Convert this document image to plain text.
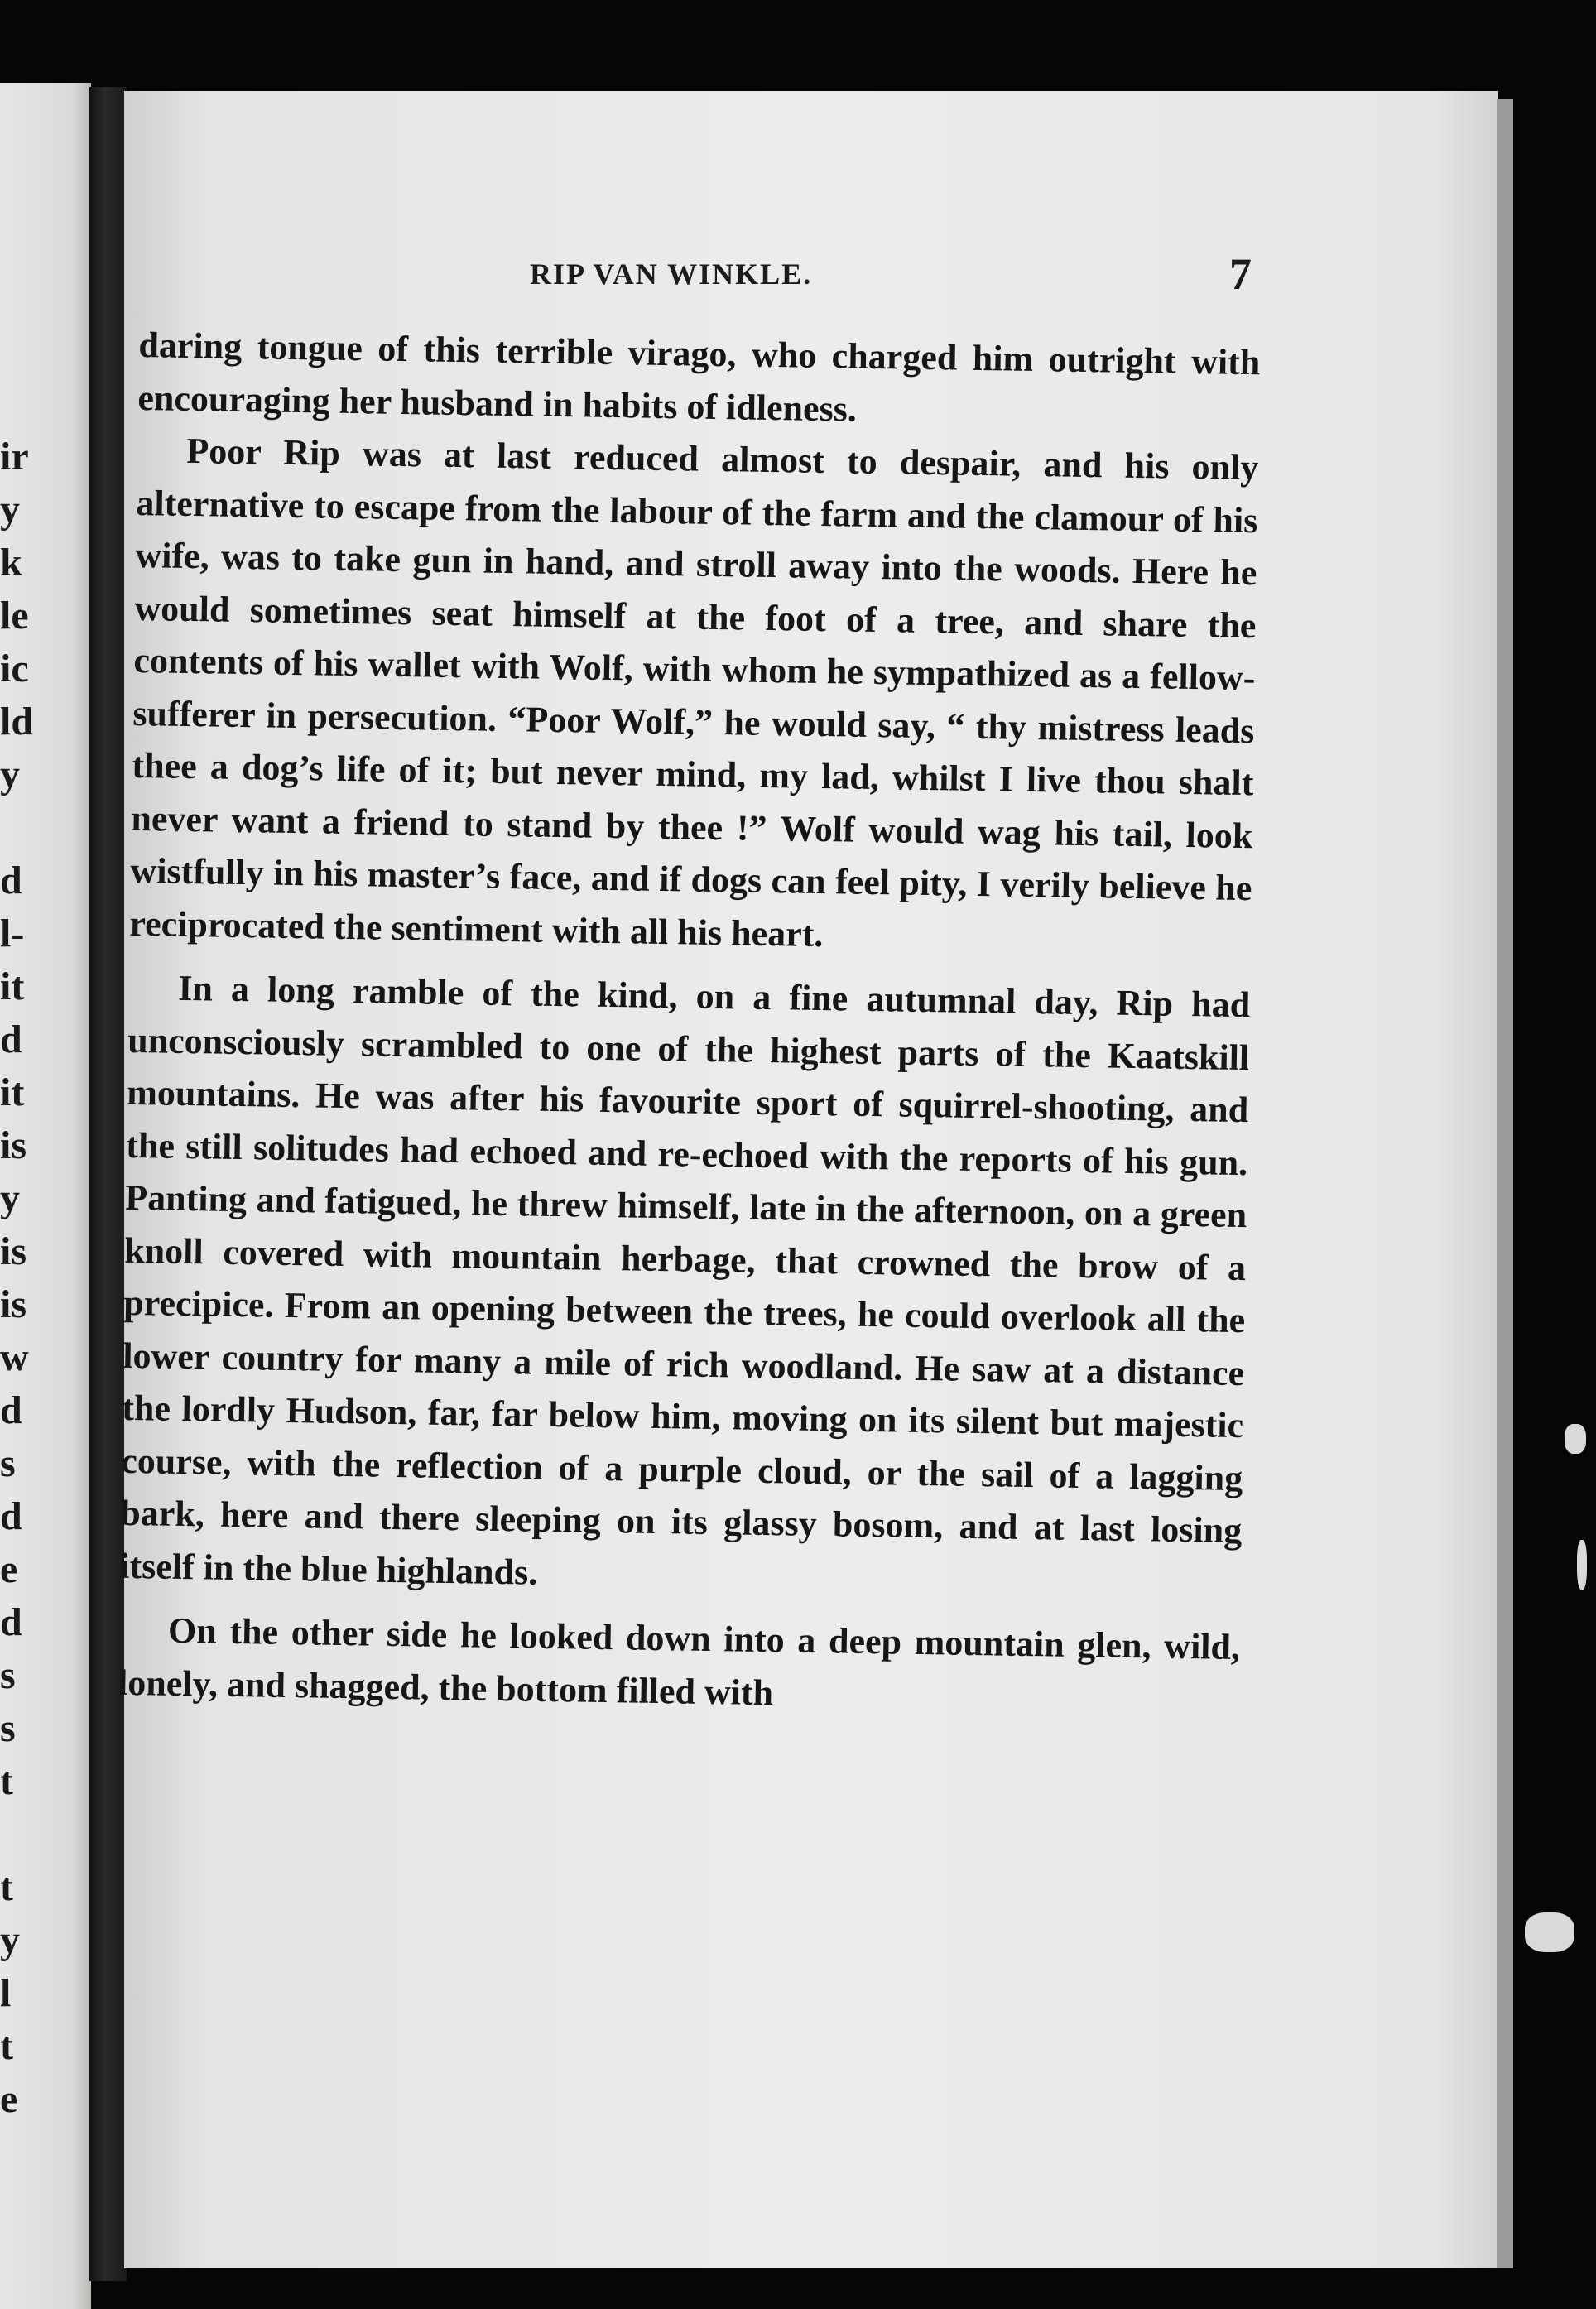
ir
y
k
le
ic
ld
y
d
l-
it
d
it
is
y
is
is
w
d
s
d
e
d
s
s
t
t
y
l
t
e
RIP VAN WINKLE.	7

daring tongue of this terrible virago, who charged him outright with encouraging her husband in habits of idleness.

Poor Rip was at last reduced almost to despair, and his only alternative to escape from the labour of the farm and the clamour of his wife, was to take gun in hand, and stroll away into the woods. Here he would sometimes seat himself at the foot of a tree, and share the contents of his wallet with Wolf, with whom he sympathized as a fellow-sufferer in persecution. “Poor Wolf,” he would say, “ thy mistress leads thee a dog’s life of it; but never mind, my lad, whilst I live thou shalt never want a friend to stand by thee !” Wolf would wag his tail, look wistfully in his master’s face, and if dogs can feel pity, I verily believe he reciprocated the sentiment with all his heart.

In a long ramble of the kind, on a fine autumnal day, Rip had unconsciously scrambled to one of the highest parts of the Kaatskill mountains. He was after his favourite sport of squirrel-shooting, and the still solitudes had echoed and re-echoed with the reports of his gun. Panting and fatigued, he threw himself, late in the afternoon, on a green knoll covered with mountain herbage, that crowned the brow of a precipice. From an opening between the trees, he could overlook all the lower country for many a mile of rich woodland. He saw at a distance the lordly Hudson, far, far below him, moving on its silent but majestic course, with the reflection of a purple cloud, or the sail of a lagging bark, here and there sleeping on its glassy bosom, and at last losing itself in the blue highlands.

On the other side he looked down into a deep mountain glen, wild, lonely, and shagged, the bottom filled with
